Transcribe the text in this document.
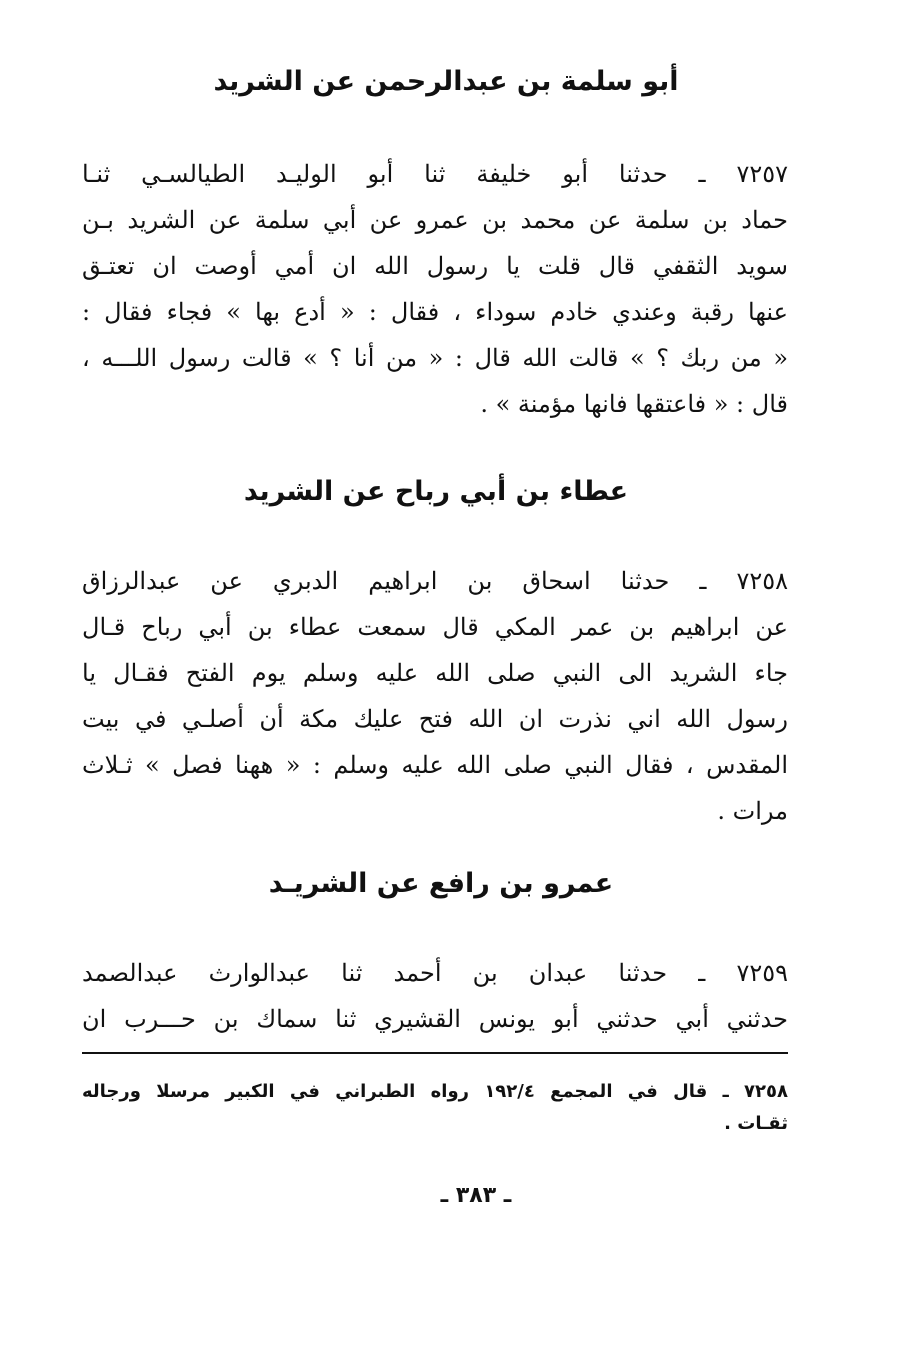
أبو سلمة بن عبدالرحمن عن الشريد
٧٢٥٧ ـ حدثنا أبو خليفة ثنا أبو الوليـد الطيالسـي ثنـا
حماد بن سلمة عن محمد بن عمرو عن أبي سلمة عن الشريد بـن
سويد الثقفي قال قلت يا رسول الله ان أمي أوصت ان تعتـق
عنها رقبة وعندي خادم سوداء ، فقال : « أدع بها » فجاء فقال :
« من ربك ؟ » قالت الله قال : « من أنا ؟ » قالت رسول اللـــه ،
قال : « فاعتقها فانها مؤمنة » .
عطاء بن أبي رباح عن الشريد
٧٢٥٨ ـ حدثنا اسحاق بن ابراهيم الدبري عن عبدالرزاق
عن ابراهيم بن عمر المكي قال سمعت عطاء بن أبي رباح قـال
جاء الشريد الى النبي صلى الله عليه وسلم يوم الفتح فقـال يا
رسول الله اني نذرت ان الله فتح عليك مكة أن أصلـي في بيت
المقدس ، فقال النبي صلى الله عليه وسلم : « ههنا فصل » ثـلاث
مرات .
عمرو بن رافع عن الشريـد
٧٢٥٩ ـ حدثنا عبدان بن أحمد ثنا عبدالوارث عبدالصمد
حدثني أبي حدثني أبو يونس القشيري ثنا سماك بن حـــرب ان
٧٢٥٨ ـ قال في المجمع ١٩٢/٤ رواه الطبراني في الكبير مرسلا ورجاله
ثقـات .
ـ ٣٨٣ ـ
